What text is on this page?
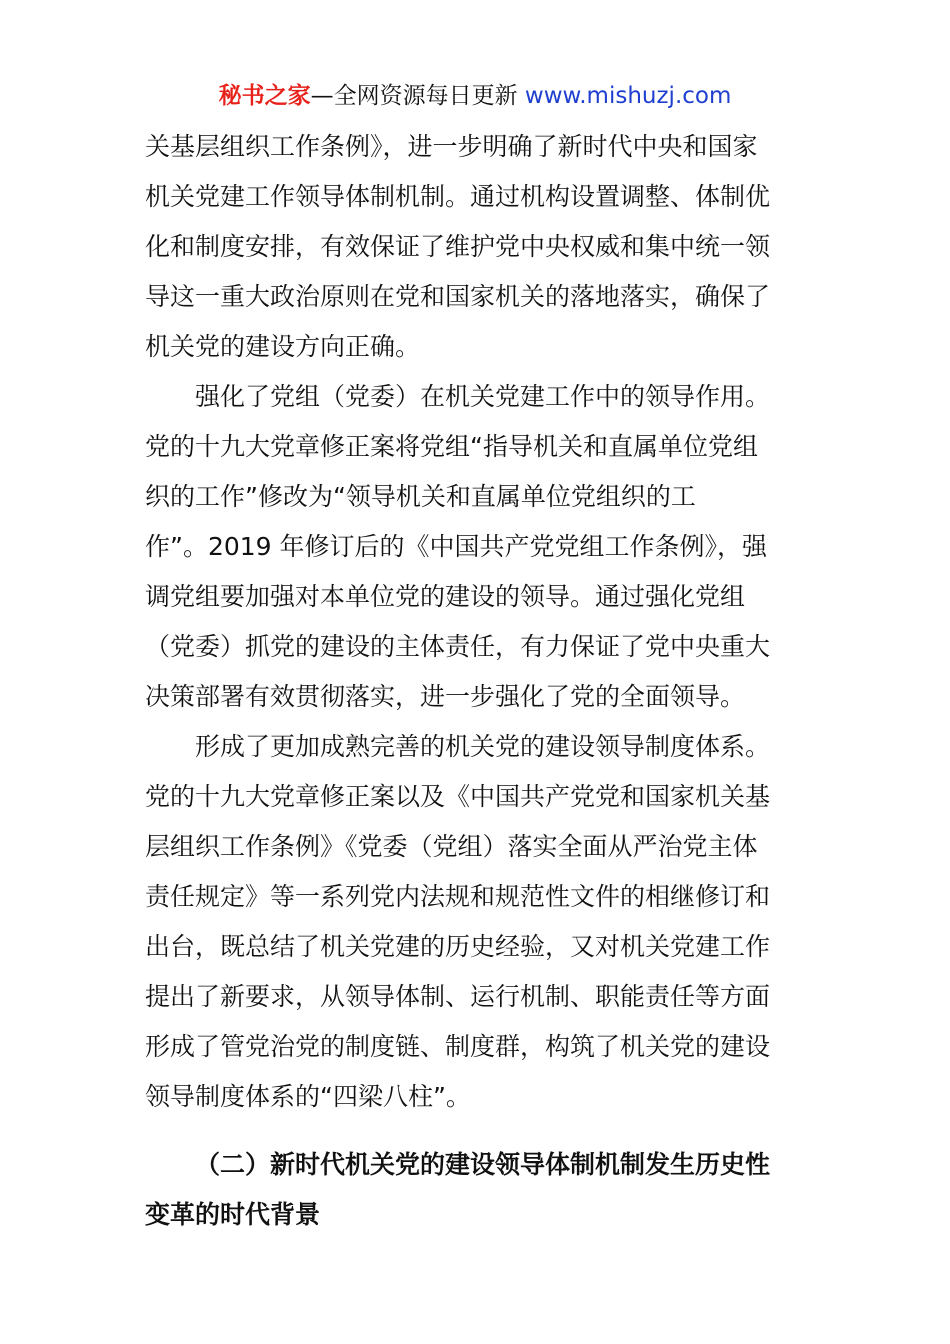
秘书之家—全网资源每日更新 www.mishuzj.com
关基层组织工作条例》，进一步明确了新时代中央和国家
机关党建工作领导体制机制。通过机构设置调整、体制优
化和制度安排，有效保证了维护党中央权威和集中统一领
导这一重大政治原则在党和国家机关的落地落实，确保了
机关党的建设方向正确。
强化了党组（党委）在机关党建工作中的领导作用。
党的十九大党章修正案将党组“指导机关和直属单位党组
织的工作”修改为“领导机关和直属单位党组织的工
作”。2019 年修订后的《中国共产党党组工作条例》，强
调党组要加强对本单位党的建设的领导。通过强化党组
（党委）抓党的建设的主体责任，有力保证了党中央重大
决策部署有效贯彻落实，进一步强化了党的全面领导。
形成了更加成熟完善的机关党的建设领导制度体系。
党的十九大党章修正案以及《中国共产党党和国家机关基
层组织工作条例》《党委（党组）落实全面从严治党主体
责任规定》等一系列党内法规和规范性文件的相继修订和
出台，既总结了机关党建的历史经验，又对机关党建工作
提出了新要求，从领导体制、运行机制、职能责任等方面
形成了管党治党的制度链、制度群，构筑了机关党的建设
领导制度体系的“四梁八柱”。
（二）新时代机关党的建设领导体制机制发生历史性
变革的时代背景
